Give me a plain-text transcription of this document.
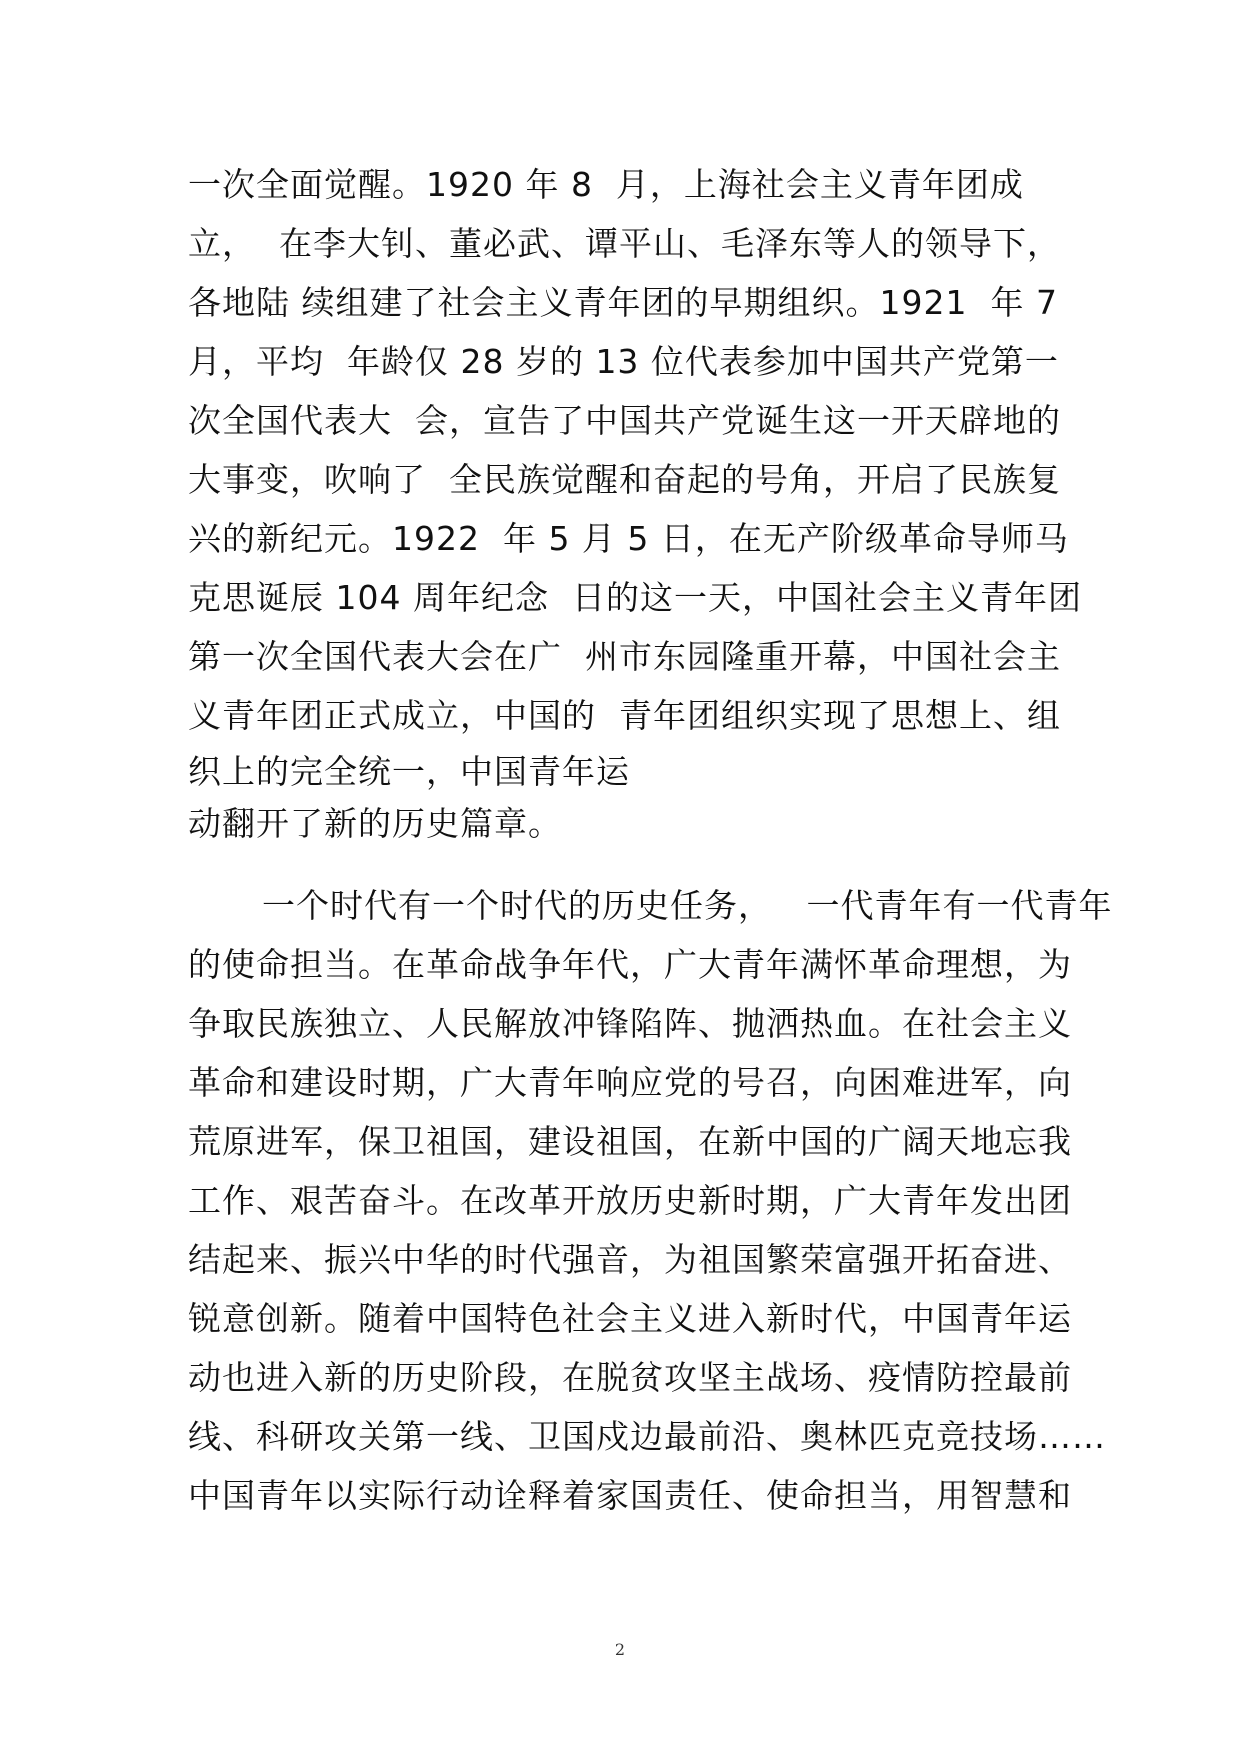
一次全面觉醒。1920 年 8  月，上海社会主义青年团成
立，  在李大钊、董必武、谭平山、毛泽东等人的领导下，
各地陆 续组建了社会主义青年团的早期组织。1921  年 7
月，平均  年龄仅 28 岁的 13 位代表参加中国共产党第一
次全国代表大  会，宣告了中国共产党诞生这一开天辟地的
大事变，吹响了  全民族觉醒和奋起的号角，开启了民族复
兴的新纪元。1922  年 5 月 5 日，在无产阶级革命导师马
克思诞辰 104 周年纪念  日的这一天，中国社会主义青年团
第一次全国代表大会在广  州市东园隆重开幕，中国社会主
义青年团正式成立，中国的  青年团组织实现了思想上、组
织上的完全统一，中国青年运
动翻开了新的历史篇章。
一个时代有一个时代的历史任务，   一代青年有一代青年
的使命担当。在革命战争年代，广大青年满怀革命理想，为
争取民族独立、人民解放冲锋陷阵、抛洒热血。在社会主义
革命和建设时期，广大青年响应党的号召，向困难进军，向
荒原进军，保卫祖国，建设祖国，在新中国的广阔天地忘我
工作、艰苦奋斗。在改革开放历史新时期，广大青年发出团
结起来、振兴中华的时代强音，为祖国繁荣富强开拓奋进、
锐意创新。随着中国特色社会主义进入新时代，中国青年运
动也进入新的历史阶段，在脱贫攻坚主战场、疫情防控最前
线、科研攻关第一线、卫国戍边最前沿、奥林匹克竞技场……
中国青年以实际行动诠释着家国责任、使命担当，用智慧和
2
